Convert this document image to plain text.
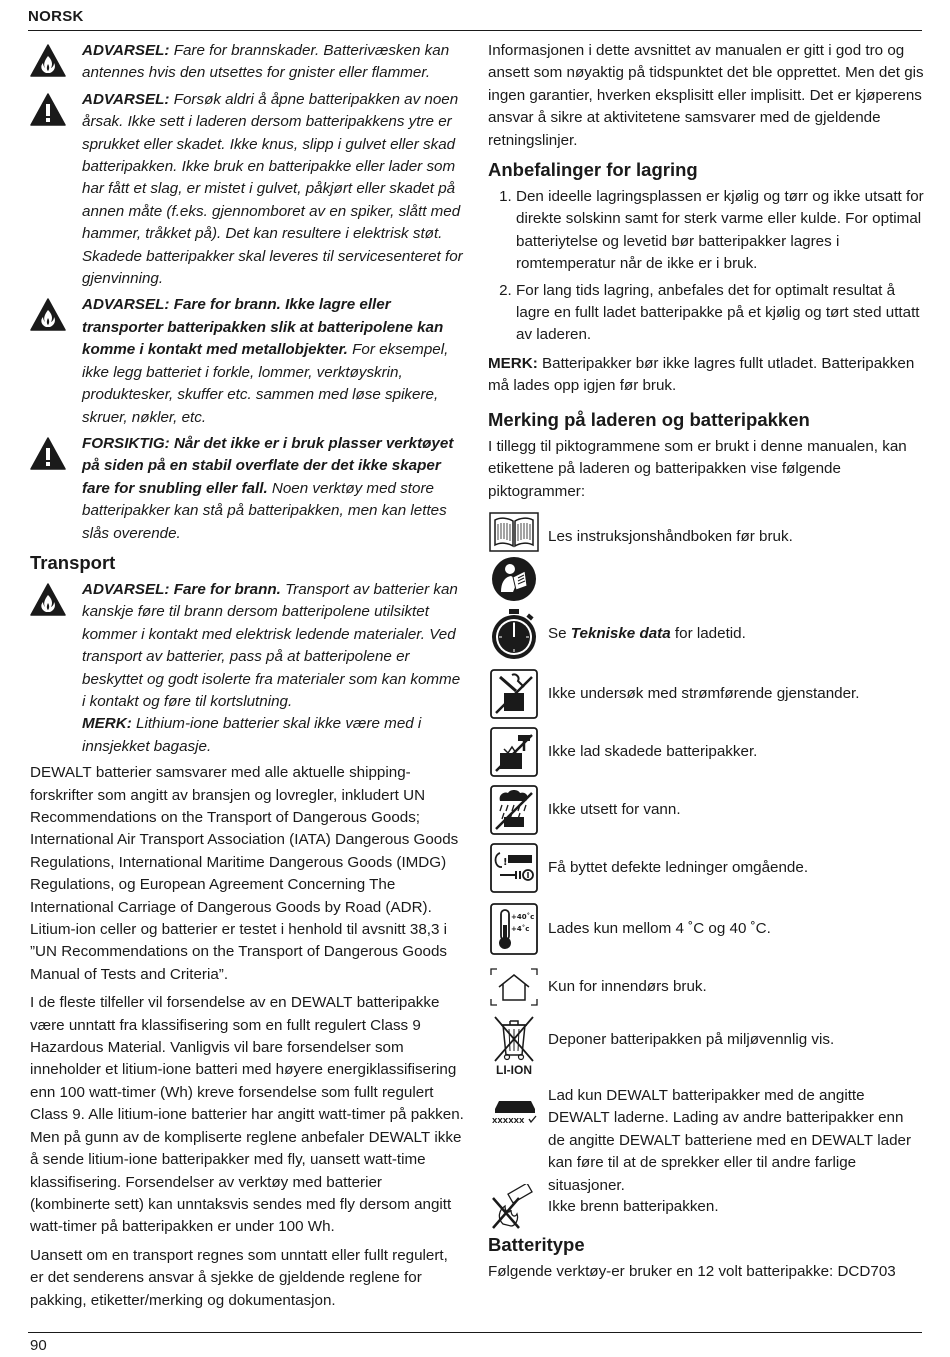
NORSK

ADVARSEL: Fare for brannskader. Batterivæsken kan antennes hvis den utsettes for gnister eller flammer.

ADVARSEL: Forsøk aldri å åpne batteripakken av noen årsak. Ikke sett i laderen dersom batteripakkens ytre er sprukket eller skadet. Ikke knus, slipp i gulvet eller skad batteripakken. Ikke bruk en batteripakke eller lader som har fått et slag, er mistet i gulvet, påkjørt eller skadet på annen måte (f.eks. gjennomboret av en spiker, slått med hammer, tråkket på). Det kan resultere i elektrisk støt. Skadede batteripakker skal leveres til servicesenteret for gjenvinning.

ADVARSEL: Fare for brann. Ikke lagre eller transporter batteripakken slik at batteripolene kan komme i kontakt med metallobjekter. For eksempel, ikke legg batteriet i forkle, lommer, verktøyskrin, produktesker, skuffer etc. sammen med løse spikere, skruer, nøkler, etc.

FORSIKTIG: Når det ikke er i bruk plasser verktøyet på siden på en stabil overflate der det ikke skaper fare for snubling eller fall. Noen verktøy med store batteripakker kan stå på batteripakken, men kan lettes slås overende.

Transport

ADVARSEL: Fare for brann. Transport av batterier kan kanskje føre til brann dersom batteripolene utilsiktet kommer i kontakt med elektrisk ledende materialer. Ved transport av batterier, pass på at batteripolene er beskyttet og godt isolerte fra materialer som kan komme i kontakt og føre til kortslutning.

MERK: Lithium-ione batterier skal ikke være med i innsjekket bagasje.

DEWALT batterier samsvarer med alle aktuelle shipping-forskrifter som angitt av bransjen og lovregler, inkludert UN Recommendations on the Transport of Dangerous Goods; International Air Transport Association (IATA) Dangerous Goods Regulations, International Maritime Dangerous Goods (IMDG) Regulations, og European Agreement Concerning The International Carriage of Dangerous Goods by Road (ADR). Litium-ion celler og batterier er testet i henhold til avsnitt 38,3 i ”UN Recommendations on the Transport of Dangerous Goods Manual of Tests and Criteria”.

I de fleste tilfeller vil forsendelse av en DEWALT batteripakke være unntatt fra klassifisering som en fullt regulert Class 9 Hazardous Material. Vanligvis vil bare forsendelser som inneholder et litium-ione batteri med høyere energiklassifisering enn 100 watt-timer (Wh) kreve forsendelse som fullt regulert Class 9. Alle litium-ione batterier har angitt watt-timer på pakken. Men på gunn av de kompliserte reglene anbefaler DEWALT ikke å sende litium-ione batteripakker med fly, uansett watt-time klassifisering. Forsendelser av verktøy med batterier (kombinerte sett) kan unntaksvis sendes med fly dersom angitt watt-timer på batteripakken er under 100 Wh.

Uansett om en transport regnes som unntatt eller fullt regulert, er det senderens ansvar å sjekke de gjeldende reglene for pakking, etiketter/merking og dokumentasjon.

Informasjonen i dette avsnittet av manualen er gitt i god tro og ansett som nøyaktig på tidspunktet det ble opprettet. Men det gis ingen garantier, hverken eksplisitt eller implisitt. Det er kjøperens ansvar å sikre at aktivitetene samsvarer med de gjeldende retningslinjer.

Anbefalinger for lagring
1. Den ideelle lagringsplassen er kjølig og tørr og ikke utsatt for direkte solskinn samt for sterk varme eller kulde. For optimal batteriytelse og levetid bør batteripakker lagres i romtemperatur når de ikke er i bruk.
2. For lang tids lagring, anbefales det for optimalt resultat å lagre en fullt ladet batteripakke på et kjølig og tørt sted uttatt av laderen.

MERK: Batteripakker bør ikke lagres fullt utladet. Batteripakken må lades opp igjen før bruk.

Merking på laderen og batteripakken

I tillegg til piktogrammene som er brukt i denne manualen, kan etikettene på laderen og batteripakken vise følgende piktogrammer:

Les instruksjonshåndboken før bruk.
Se Tekniske data for ladetid.
Ikke undersøk med strømførende gjenstander.
Ikke lad skadede batteripakker.
Ikke utsett for vann.
!	Få byttet defekte ledninger omgående.
+40˚c
+4˚c Lades kun mellom 4 ˚C og 40 ˚C.
Kun for innendørs bruk.
LI-ION
Deponer batteripakken på miljøvennlig vis.
XXXXXX
Lad kun DEWALT batteripakker med de angitte DEWALT laderne. Lading av andre batteripakker enn de angitte DEWALT batteriene med en DEWALT lader kan føre til at de sprekker eller til andre farlige situasjoner.
Ikke brenn batteripakken.
Batteritype

Følgende verktøy-er bruker en 12 volt batteripakke: DCD703

90
